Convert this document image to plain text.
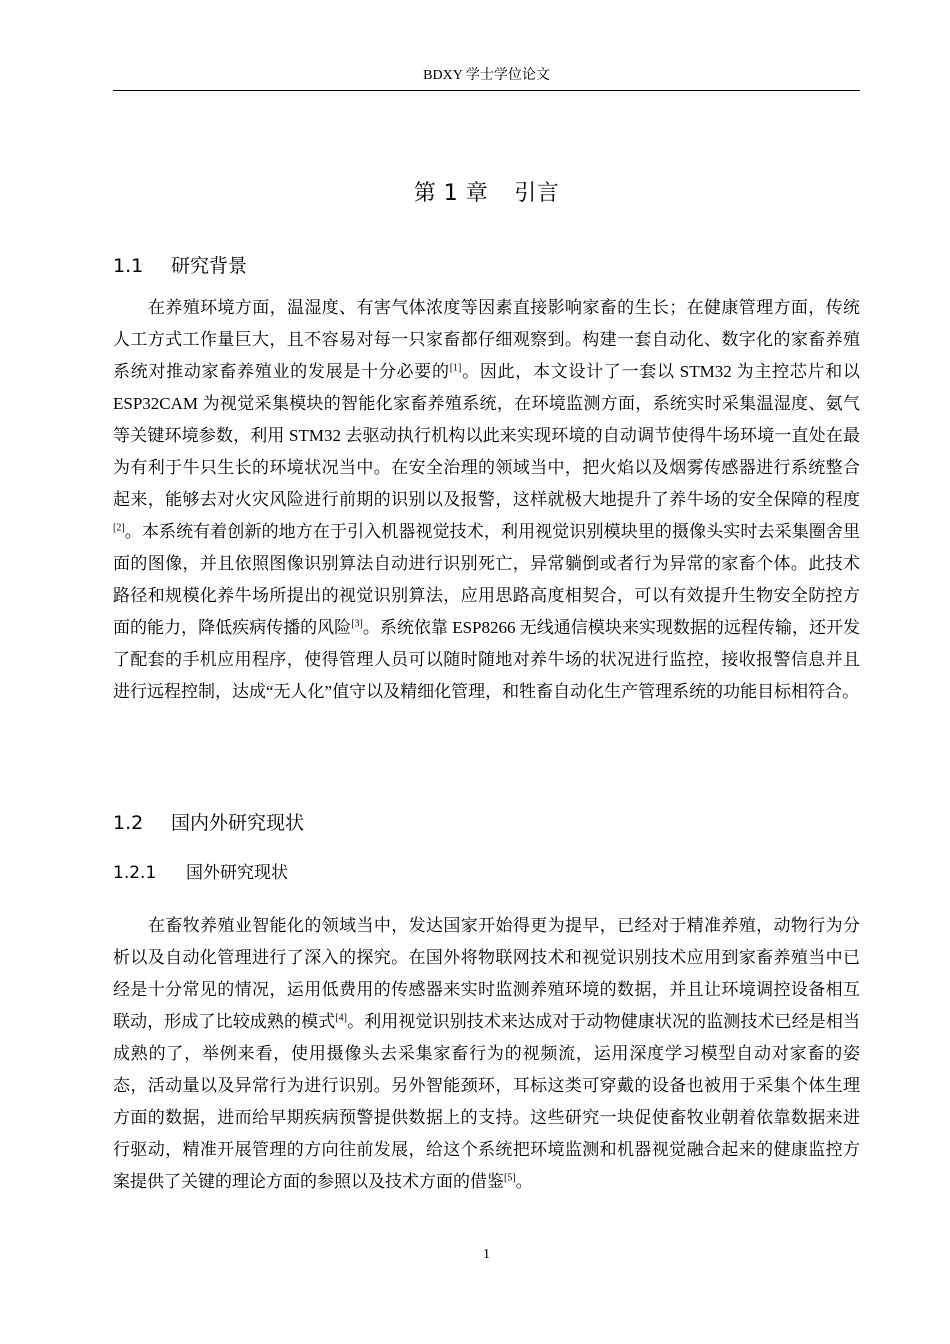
BDXY 学士学位论文
第 1 章 引言
1.1 研究背景

在养殖环境方面，温湿度、有害气体浓度等因素直接影响家畜的生长；在健康管理方面，传统人工方式工作量巨大，且不容易对每一只家畜都仔细观察到。构建一套自动化、数字化的家畜养殖系统对推动家畜养殖业的发展是十分必要的[1]。因此，本文设计了一套以 STM32 为主控芯片和以 ESP32CAM 为视觉采集模块的智能化家畜养殖系统，在环境监测方面，系统实时采集温湿度、氨气等关键环境参数，利用 STM32 去驱动执行机构以此来实现环境的自动调节使得牛场环境一直处在最为有利于牛只生长的环境状况当中。在安全治理的领域当中，把火焰以及烟雾传感器进行系统整合起来，能够去对火灾风险进行前期的识别以及报警，这样就极大地提升了养牛场的安全保障的程度[2]。本系统有着创新的地方在于引入机器视觉技术，利用视觉识别模块里的摄像头实时去采集圈舍里面的图像，并且依照图像识别算法自动进行识别死亡，异常躺倒或者行为异常的家畜个体。此技术路径和规模化养牛场所提出的视觉识别算法，应用思路高度相契合，可以有效提升生物安全防控方面的能力，降低疾病传播的风险[3]。系统依靠 ESP8266 无线通信模块来实现数据的远程传输，还开发了配套的手机应用程序，使得管理人员可以随时随地对养牛场的状况进行监控，接收报警信息并且进行远程控制，达成“无人化”值守以及精细化管理，和牲畜自动化生产管理系统的功能目标相符合。

1.2 国内外研究现状
1.2.1 国外研究现状

在畜牧养殖业智能化的领域当中，发达国家开始得更为提早，已经对于精准养殖，动物行为分析以及自动化管理进行了深入的探究。在国外将物联网技术和视觉识别技术应用到家畜养殖当中已经是十分常见的情况，运用低费用的传感器来实时监测养殖环境的数据，并且让环境调控设备相互联动，形成了比较成熟的模式[4]。利用视觉识别技术来达成对于动物健康状况的监测技术已经是相当成熟的了，举例来看，使用摄像头去采集家畜行为的视频流，运用深度学习模型自动对家畜的姿态，活动量以及异常行为进行识别。另外智能颈环，耳标这类可穿戴的设备也被用于采集个体生理方面的数据，进而给早期疾病预警提供数据上的支持。这些研究一块促使畜牧业朝着依靠数据来进行驱动，精准开展管理的方向往前发展，给这个系统把环境监测和机器视觉融合起来的健康监控方案提供了关键的理论方面的参照以及技术方面的借鉴[5]。

1
